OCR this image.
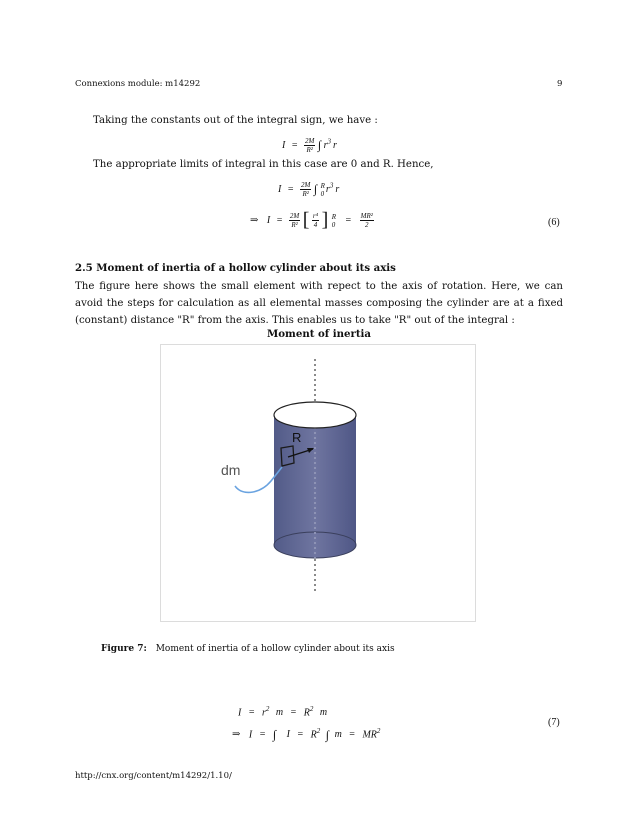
Connexions module: m14292	9
Taking the constants out of the integral sign, we have :
$I = \frac{2M}{\text{R²}}$ ∫ $r^3$ r
The appropriate limits of integral in this case are 0 and R. Hence,
$I = \frac{2M}{\text{R²}}$ ∫ R
0 $r^3$ r
⇒ $I = \frac{2M}{\text{R²}}$ [ $\frac{\text{r⁴}}{4}$ ] R
$0 = \frac{\text{MR²}}{2}$	(6)
2.5 Moment of inertia of a hollow cylinder about its axis
The figure here shows the small element with repect to the axis of rotation. Here, we can avoid the steps for calculation as all elemental masses composing the cylinder are at a fixed (constant) distance "R" from the axis. This enables us to take "R" out of the integral :
Moment of inertia
R
dm
Figure 7: Moment of inertia of a hollow cylinder about its axis
$I = r^2$ $m = R^2$ m
⇒ I = ∫ $I = R^2$ ∫ $m = MR^2$
(7)
http://cnx.org/content/m14292/1.10/
